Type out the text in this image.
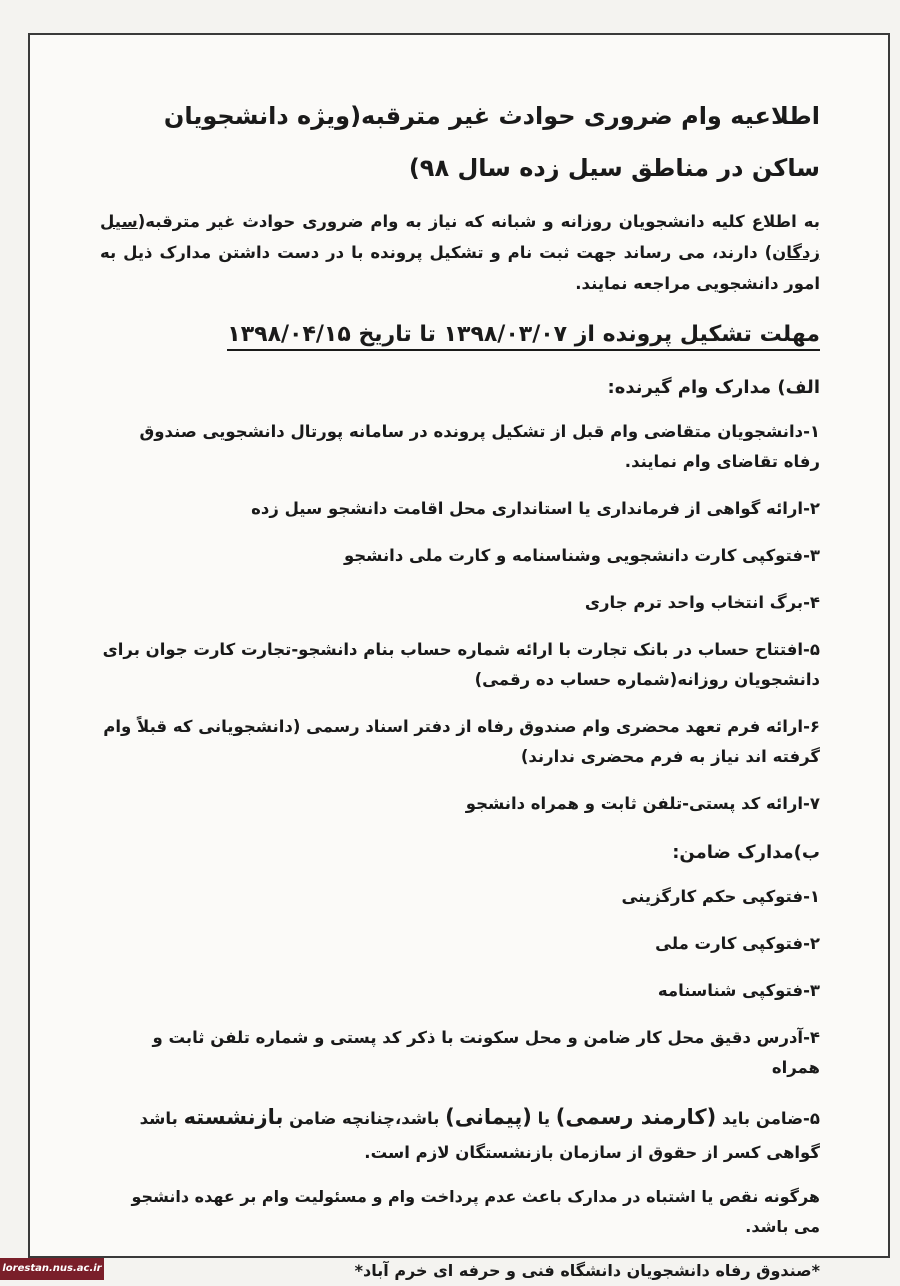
اطلاعیه وام ضروری حوادث غیر مترقبه(ویژه دانشجویان ساکن در مناطق سیل زده سال ۹۸)
به اطلاع کلیه دانشجویان روزانه و شبانه که نیاز به وام ضروری حوادث غیر مترقبه(سیل زدگان) دارند، می رساند جهت ثبت نام و تشکیل پرونده با در دست داشتن مدارک ذیل به امور دانشجویی مراجعه نمایند.
مهلت تشکیل پرونده از ۱۳۹۸/۰۳/۰۷ تا تاریخ ۱۳۹۸/۰۴/۱۵
الف) مدارک وام گیرنده:
۱-دانشجویان متقاضی وام قبل از تشکیل پرونده در سامانه پورتال دانشجویی صندوق رفاه تقاضای وام نمایند.
۲-ارائه گواهی از فرمانداری یا استانداری محل اقامت دانشجو سیل زده
۳-فتوکپی کارت دانشجویی وشناسنامه و کارت ملی دانشجو
۴-برگ انتخاب واحد ترم جاری
۵-افتتاح حساب در بانک تجارت با ارائه شماره حساب بنام دانشجو-تجارت کارت جوان برای دانشجویان روزانه(شماره حساب ده رقمی)
۶-ارائه فرم تعهد محضری وام صندوق رفاه از دفتر اسناد رسمی (دانشجویانی که قبلاً وام گرفته اند نیاز به فرم محضری ندارند)
۷-ارائه کد پستی-تلفن ثابت و همراه دانشجو
ب)مدارک ضامن:
۱-فتوکپی حکم کارگزینی
۲-فتوکپی کارت ملی
۳-فتوکپی شناسنامه
۴-آدرس دقیق محل کار ضامن و محل سکونت با ذکر کد پستی و شماره تلفن ثابت و همراه
۵-ضامن باید (کارمند رسمی) یا (پیمانی) باشد،چنانچه ضامن بازنشسته باشد گواهی کسر از حقوق از سازمان بازنشستگان لازم است.
هرگونه نقص یا اشتباه در مدارک باعث عدم پرداخت وام و مسئولیت وام بر عهده دانشجو می باشد.
*صندوق رفاه دانشجویان دانشگاه فنی و حرفه ای خرم آباد*
lorestan.nus.ac.ir
